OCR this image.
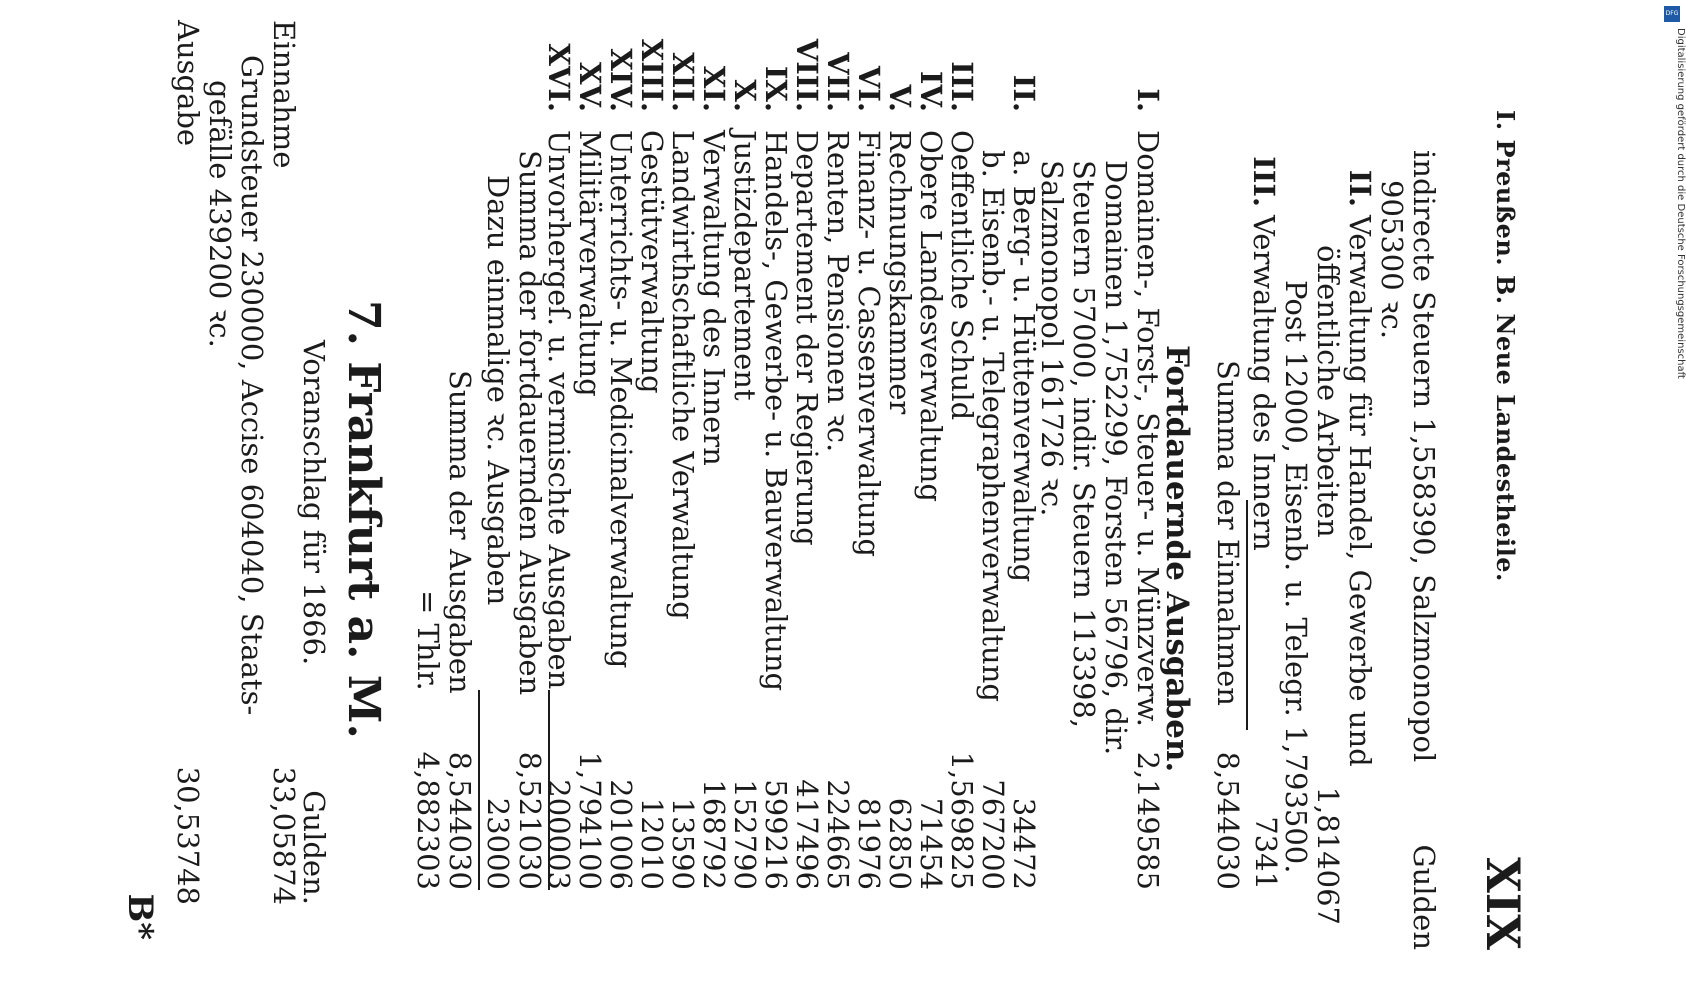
I. Preußen. B. Neue Landestheile.
XIX
Gulden
indirecte Steuern 1,558390, Salzmonopol
905300 ꝛc.
II.
Verwaltung für Handel, Gewerbe und
öffentliche Arbeiten
1,814067
Post 12000, Eisenb. u. Telegr. 1,793500.
III.
Verwaltung des Innern
7341
Summa der Einnahmen
8,544030
Fortdauernde Ausgaben.
I.
Domainen-, Forst-, Steuer- u. Münzverw.
Domainen 1,752299, Forsten 56796, dir.
Steuern 57000, indir. Steuern 113398,
Salzmonopol 161726 ꝛc.
2,149585
II.
a. Berg- u. Hüttenverwaltung
34472
b. Eisenb.- u. Telegraphenverwaltung
767200
III.
Oeffentliche Schuld
1,569825
IV.
Obere Landesverwaltung
71454
V.
Rechnungskammer
62850
VI.
Finanz- u. Cassenverwaltung
81976
VII.
Renten, Pensionen ꝛc.
224665
VIII.
Departement der Regierung
417496
IX.
Handels-, Gewerbe- u. Bauverwaltung
599216
X.
Justizdepartement
152790
XI.
Verwaltung des Innern
168792
XII.
Landwirthschaftliche Verwaltung
13590
XIII.
Gestütverwaltung
12010
XIV.
Unterrichts- u. Medicinalverwaltung
201006
XV.
Militärverwaltung
1,794100
XVI.
Unvorhergeſ. u. vermischte Ausgaben
200003
Summa der fortdauernden Ausgaben
8,521030
Dazu einmalige ꝛc. Ausgaben
23000
Summa der Ausgaben
8,544030
= Thlr.
4,882303
7. Frankfurt a. M.
Voranschlag für 1866.
Gulden.
Einnahme
33,05874
Grundsteuer 230000, Accise 604040, Staats-
gefälle 439200 ꝛc.
Ausgabe
30,53748
B*
DFG
Digitalisierung gefördert durch die Deutsche Forschungsgemeinschaft
